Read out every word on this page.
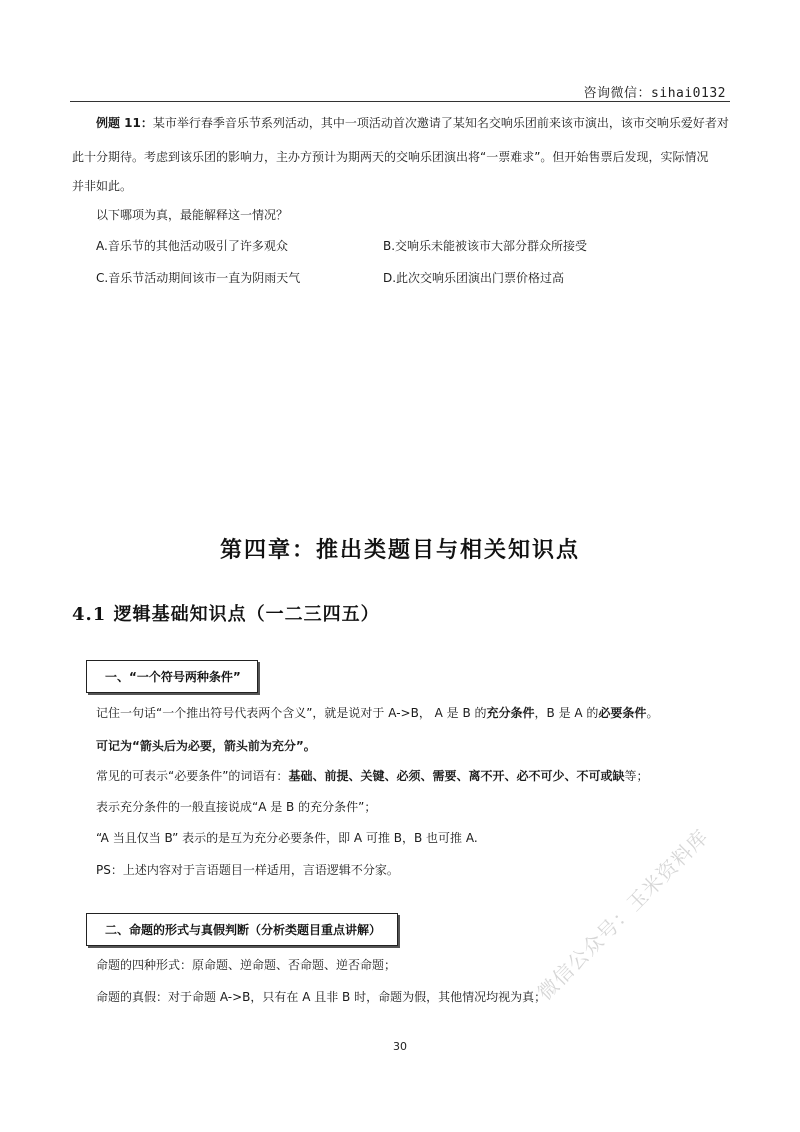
咨询微信：sihai0132
例题 11：某市举行春季音乐节系列活动，其中一项活动首次邀请了某知名交响乐团前来该市演出，该市交响乐爱好者对
此十分期待。考虑到该乐团的影响力，主办方预计为期两天的交响乐团演出将“一票难求”。但开始售票后发现，实际情况
并非如此。
以下哪项为真，最能解释这一情况？
A.音乐节的其他活动吸引了许多观众	B.交响乐未能被该市大部分群众所接受
C.音乐节活动期间该市一直为阴雨天气	D.此次交响乐团演出门票价格过高
第四章：推出类题目与相关知识点
4.1 逻辑基础知识点（一二三四五）
一、“一个符号两种条件”
记住一句话“一个推出符号代表两个含义”，就是说对于 A->B， A 是 B 的充分条件，B 是 A 的必要条件。
可记为“箭头后为必要，箭头前为充分”。
常见的可表示“必要条件”的词语有：基础、前提、关键、必须、需要、离不开、必不可少、不可或缺等；
表示充分条件的一般直接说成“A 是 B 的充分条件”；
“A 当且仅当 B” 表示的是互为充分必要条件，即 A 可推 B，B 也可推 A.
PS：上述内容对于言语题目一样适用，言语逻辑不分家。
二、命题的形式与真假判断（分析类题目重点讲解）
命题的四种形式：原命题、逆命题、否命题、逆否命题；
命题的真假：对于命题 A->B，只有在 A 且非 B 时，命题为假，其他情况均视为真；
30
微信公众号：玉米资料库
